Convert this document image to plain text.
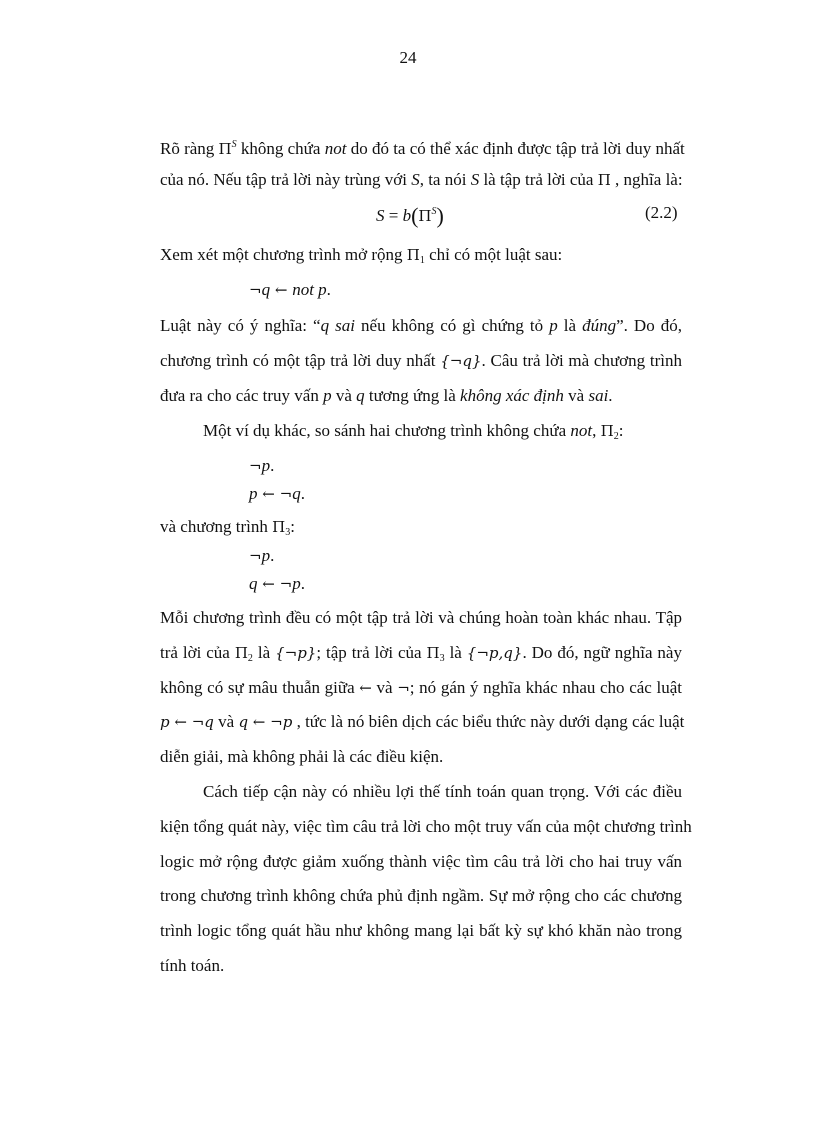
24
Rõ ràng $\Pi^S$ không chứa not do đó ta có thể xác định được tập trả lời duy nhất
của nó. Nếu tập trả lời này trùng với S, ta nói S là tập trả lời của Π , nghĩa là:
$S = b(\Pi^S)$	(2.2)
Xem xét một chương trình mở rộng $\Pi_1$ chỉ có một luật sau:
¬q ← not p.
Luật này có ý nghĩa: “q sai nếu không có gì chứng tỏ p là đúng”. Do đó,
chương trình có một tập trả lời duy nhất {¬q}. Câu trả lời mà chương trình
đưa ra cho các truy vấn p và q tương ứng là không xác định và sai.
Một ví dụ khác, so sánh hai chương trình không chứa not, $\Pi_2$:
¬p.
p ← ¬q.
và chương trình $\Pi_3$:
¬p.
q ← ¬p.
Mỗi chương trình đều có một tập trả lời và chúng hoàn toàn khác nhau. Tập
trả lời của $\Pi_2$ là {¬p}; tập trả lời của $\Pi_3$ là {¬p,q}. Do đó, ngữ nghĩa này
không có sự mâu thuẫn giữa ← và ¬; nó gán ý nghĩa khác nhau cho các luật
p ← ¬q và q ← ¬p , tức là nó biên dịch các biểu thức này dưới dạng các luật
diễn giải, mà không phải là các điều kiện.
Cách tiếp cận này có nhiều lợi thế tính toán quan trọng. Với các điều
kiện tổng quát này, việc tìm câu trả lời cho một truy vấn của một chương trình
logic mở rộng được giảm xuống thành việc tìm câu trả lời cho hai truy vấn
trong chương trình không chứa phủ định ngầm. Sự mở rộng cho các chương
trình logic tổng quát hầu như không mang lại bất kỳ sự khó khăn nào trong
tính toán.
